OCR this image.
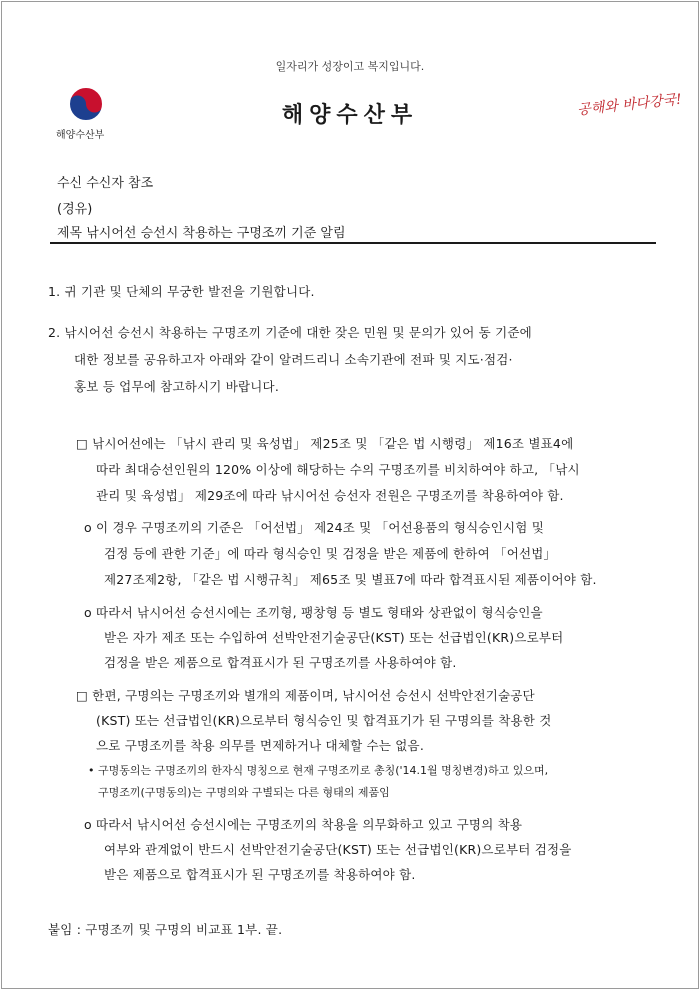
일자리가 성장이고 복지입니다.
해양수산부
해양수산부	공해와 바다강국!
수신 수신자 참조
(경유)
제목 낚시어선 승선시 착용하는 구명조끼 기준 알림
1. 귀 기관 및 단체의 무궁한 발전을 기원합니다.
2. 낚시어선 승선시 착용하는 구명조끼 기준에 대한 잦은 민원 및 문의가 있어 동 기준에
대한 정보를 공유하고자 아래와 같이 알려드리니 소속기관에 전파 및 지도·점검·
홍보 등 업무에 참고하시기 바랍니다.
□ 낚시어선에는 「낚시 관리 및 육성법」 제25조 및 「같은 법 시행령」 제16조 별표4에
따라 최대승선인원의 120% 이상에 해당하는 수의 구명조끼를 비치하여야 하고, 「낚시
관리 및 육성법」 제29조에 따라 낚시어선 승선자 전원은 구명조끼를 착용하여야 함.
o 이 경우 구명조끼의 기준은 「어선법」 제24조 및 「어선용품의 형식승인시험 및
검정 등에 관한 기준」에 따라 형식승인 및 검정을 받은 제품에 한하여 「어선법」
제27조제2항, 「같은 법 시행규칙」 제65조 및 별표7에 따라 합격표시된 제품이어야 함.
o 따라서 낚시어선 승선시에는 조끼형, 팽창형 등 별도 형태와 상관없이 형식승인을
받은 자가 제조 또는 수입하여 선박안전기술공단(KST) 또는 선급법인(KR)으로부터
검정을 받은 제품으로 합격표시가 된 구명조끼를 사용하여야 함.
□ 한편, 구명의는 구명조끼와 별개의 제품이며, 낚시어선 승선시 선박안전기술공단
(KST) 또는 선급법인(KR)으로부터 형식승인 및 합격표기가 된 구명의를 착용한 것
으로 구명조끼를 착용 의무를 면제하거나 대체할 수는 없음.
• 구명동의는 구명조끼의 한자식 명칭으로 현재 구명조끼로 총칭('14.1월 명칭변경)하고 있으며,
구명조끼(구명동의)는 구명의와 구별되는 다른 형태의 제품임
o 따라서 낚시어선 승선시에는 구명조끼의 착용을 의무화하고 있고 구명의 착용
여부와 관계없이 반드시 선박안전기술공단(KST) 또는 선급법인(KR)으로부터 검정을
받은 제품으로 합격표시가 된 구명조끼를 착용하여야 함.
붙임 : 구명조끼 및 구명의 비교표 1부. 끝.
